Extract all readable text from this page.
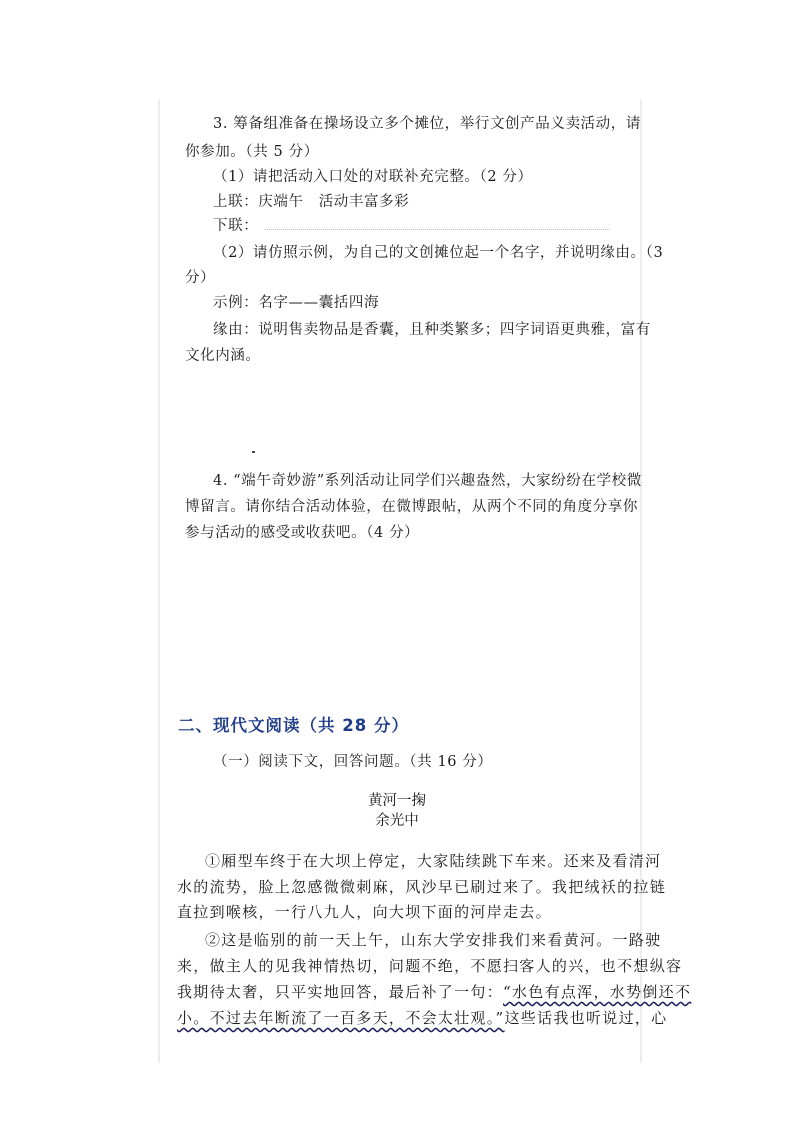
3. 筹备组准备在操场设立多个摊位，举行文创产品义卖活动，请
你参加。（共 5 分）
（1）请把活动入口处的对联补充完整。（2 分）
上联：庆端午　活动丰富多彩
下联：
（2）请仿照示例，为自己的文创摊位起一个名字，并说明缘由。（3
分）
示例：名字——囊括四海
缘由：说明售卖物品是香囊，且种类繁多；四字词语更典雅，富有
文化内涵。
4. “端午奇妙游”系列活动让同学们兴趣盎然，大家纷纷在学校微
博留言。请你结合活动体验，在微博跟帖，从两个不同的角度分享你
参与活动的感受或收获吧。（4 分）
二、现代文阅读（共 28 分）
（一）阅读下文，回答问题。（共 16 分）
黄河一掬
余光中
①厢型车终于在大坝上停定，大家陆续跳下车来。还来及看清河
水的流势，脸上忽感微微刺麻，风沙早已刷过来了。我把绒袄的拉链
直拉到喉核，一行八九人，向大坝下面的河岸走去。
②这是临别的前一天上午，山东大学安排我们来看黄河。一路驶
来，做主人的见我神情热切，问题不绝，不愿扫客人的兴，也不想纵容
我期待太奢，只平实地回答，最后补了一句：“水色有点浑，水势倒还不
小。不过去年断流了一百多天，不会太壮观。”这些话我也听说过，心
